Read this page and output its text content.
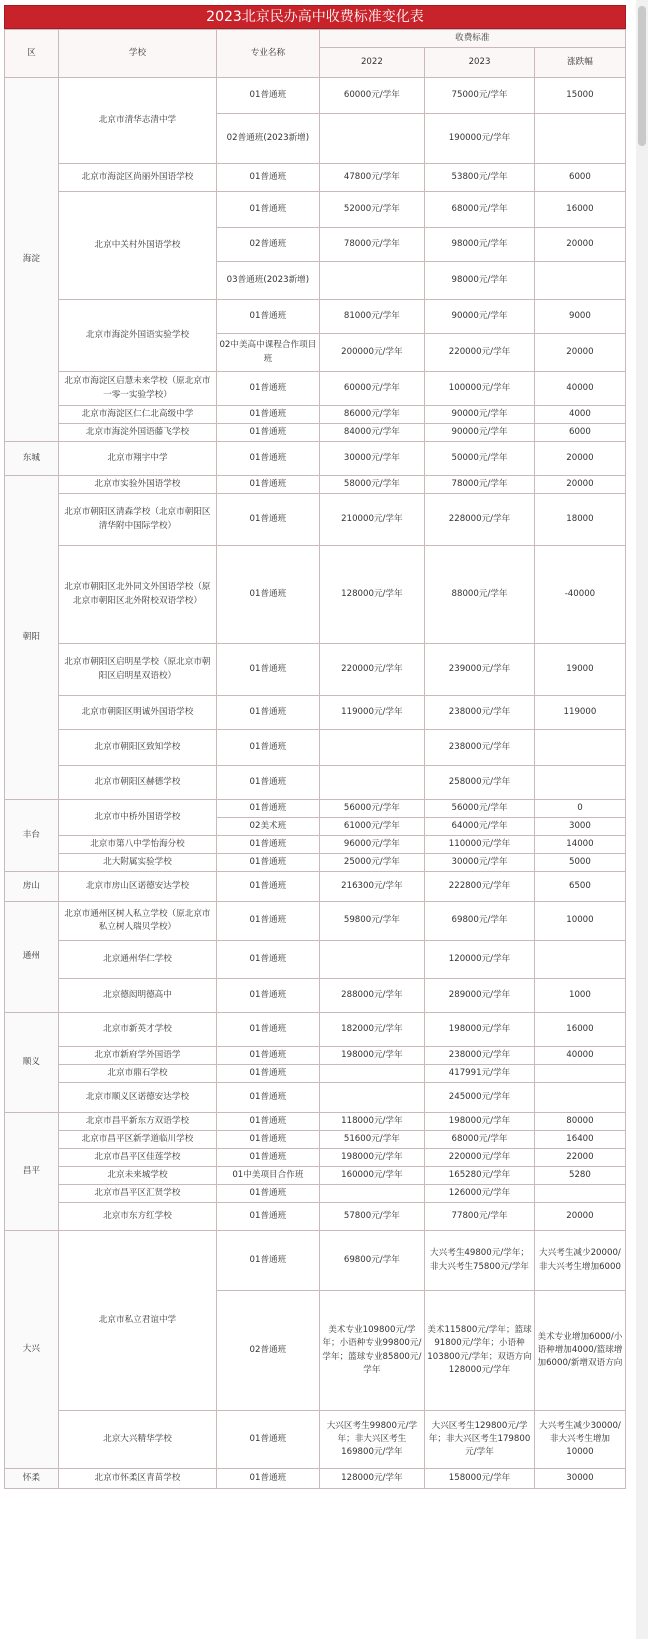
2023北京民办高中收费标准变化表
区	学校	专业名称	收费标准		
			2022	2023	涨跌幅
海淀	北京市清华志清中学	01普通班	60000元/学年	75000元/学年	15000
		02普通班(2023新增)		190000元/学年	
	北京市海淀区尚丽外国语学校	01普通班	47800元/学年	53800元/学年	6000
	北京中关村外国语学校	01普通班	52000元/学年	68000元/学年	16000
		02普通班	78000元/学年	98000元/学年	20000
		03普通班(2023新增)		98000元/学年	
	北京市海淀外国语实验学校	01普通班	81000元/学年	90000元/学年	9000
		02中美高中课程合作项目班	200000元/学年	220000元/学年	20000
	北京市海淀区启慧未来学校（原北京市一零一实验学校）	01普通班	60000元/学年	100000元/学年	40000
	北京市海淀区仁仁北高级中学	01普通班	86000元/学年	90000元/学年	4000
	北京市海淀外国语藤飞学校	01普通班	84000元/学年	90000元/学年	6000
东城	北京市翔宇中学	01普通班	30000元/学年	50000元/学年	20000
朝阳	北京市实验外国语学校	01普通班	58000元/学年	78000元/学年	20000
	北京市朝阳区清森学校（北京市朝阳区清华附中国际学校）	01普通班	210000元/学年	228000元/学年	18000
	北京市朝阳区北外同文外国语学校（原北京市朝阳区北外附校双语学校）	01普通班	128000元/学年	88000元/学年	-40000
	北京市朝阳区启明星学校（原北京市朝阳区启明星双语校）	01普通班	220000元/学年	239000元/学年	19000
	北京市朝阳区明诚外国语学校	01普通班	119000元/学年	238000元/学年	119000
	北京市朝阳区致知学校	01普通班		238000元/学年	
	北京市朝阳区赫德学校	01普通班		258000元/学年	
丰台	北京市中桥外国语学校	01普通班	56000元/学年	56000元/学年	0
		02美术班	61000元/学年	64000元/学年	3000
	北京市第八中学怡海分校	01普通班	96000元/学年	110000元/学年	14000
	北大附属实验学校	01普通班	25000元/学年	30000元/学年	5000
房山	北京市房山区诺德安达学校	01普通班	216300元/学年	222800元/学年	6500
通州	北京市通州区树人私立学校（原北京市私立树人瑞贝学校）	01普通班	59800元/学年	69800元/学年	10000
	北京通州华仁学校	01普通班		120000元/学年	
	北京德闳明德高中	01普通班	288000元/学年	289000元/学年	1000
顺义	北京市新英才学校	01普通班	182000元/学年	198000元/学年	16000
	北京市新府学外国语学	01普通班	198000元/学年	238000元/学年	40000
	北京市鼎石学校	01普通班		417991元/学年	
	北京市顺义区诺德安达学校	01普通班		245000元/学年	
昌平	北京市昌平新东方双语学校	01普通班	118000元/学年	198000元/学年	80000
	北京市昌平区新学道临川学校	01普通班	51600元/学年	68000元/学年	16400
	北京市昌平区佳莲学校	01普通班	198000元/学年	220000元/学年	22000
	北京未来城学校	01中美项目合作班	160000元/学年	165280元/学年	5280
	北京市昌平区汇贤学校	01普通班		126000元/学年	
	北京市东方红学校	01普通班	57800元/学年	77800元/学年	20000
大兴	北京市私立君谊中学	01普通班	69800元/学年	大兴考生49800元/学年；非大兴考生75800元/学年	大兴考生减少20000/非大兴考生增加6000
		02普通班	美术专业109800元/学年；小语种专业99800元/学年；篮球专业85800元/学年	美术115800元/学年；篮球91800元/学年；小语种103800元/学年；双语方向128000元/学年	美术专业增加6000/小语种增加4000/篮球增加6000/新增双语方向
	北京大兴精华学校	01普通班	大兴区考生99800元/学年；非大兴区考生169800元/学年	大兴区考生129800元/学年；非大兴区考生179800元/学年	大兴考生减少30000/非大兴考生增加10000
怀柔	北京市怀柔区青苗学校	01普通班	128000元/学年	158000元/学年	30000
